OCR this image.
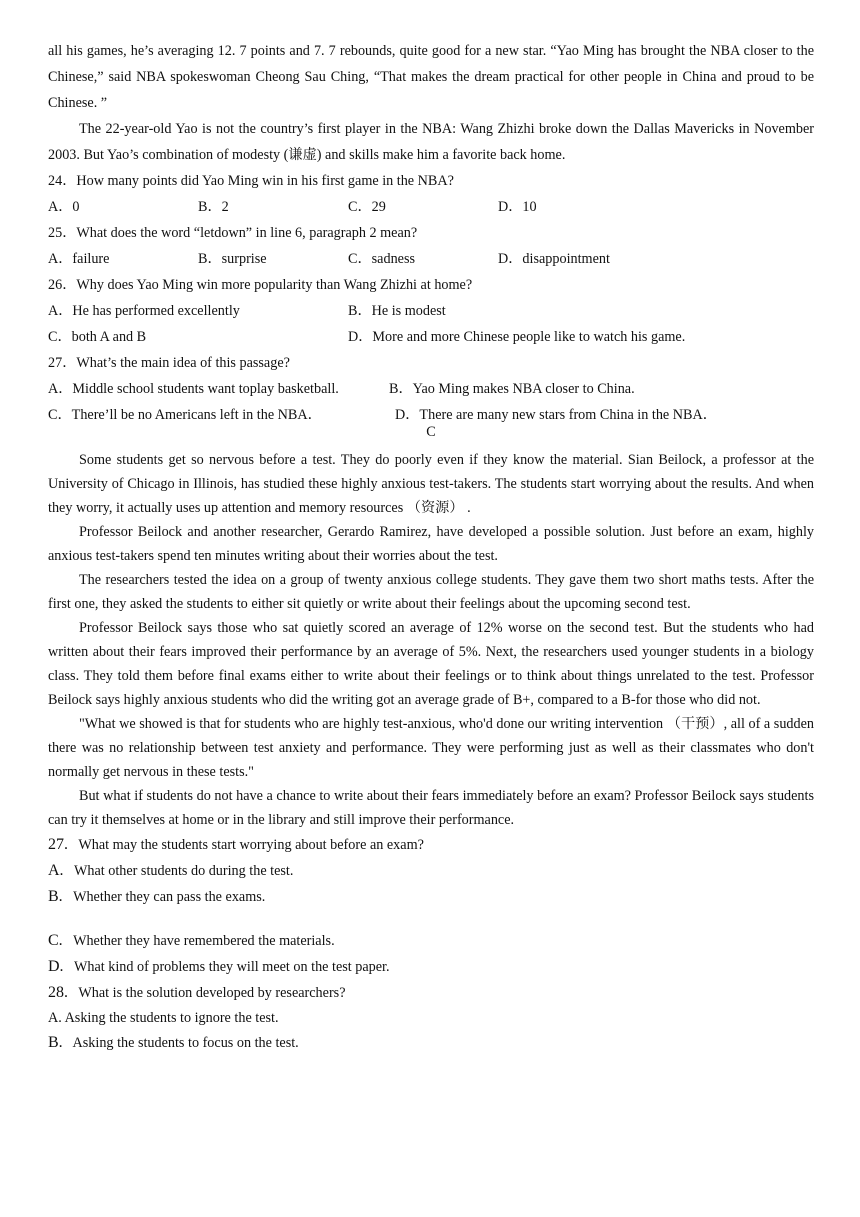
all his games, he’s averaging 12. 7 points and 7. 7 rebounds, quite good for a new star. “Yao Ming has brought the NBA closer to the Chinese,” said NBA spokeswoman Cheong Sau Ching, “That makes the dream practical for other people in China and proud to be Chinese. ”

The 22-year-old Yao is not the country’s first player in the NBA: Wang Zhizhi broke down the Dallas Mavericks in November 2003. But Yao’s combination of modesty (谦虚) and skills make him a favorite back home.

24．How many points did Yao Ming win in his first game in the NBA?

A．0	B．2	C．29	D．10

25．What does the word “letdown” in line 6, paragraph 2 mean?

A．failure	B．surprise	C．sadness	D．disappointment

26．Why does Yao Ming win more popularity than Wang Zhizhi at home?

A．He has performed excellently	B．He is modest
C．both A and B	D．More and more Chinese people like to watch his game.

27．What’s the main idea of this passage?

A．Middle school students want toplay basketball.	B．Yao Ming makes NBA closer to China.
C．There’ll be no Americans left in the NBA．	D．There are many new stars from China in the NBA．
C

Some students get so nervous before a test. They do poorly even if they know the material. Sian Beilock, a professor at the University of Chicago in Illinois, has studied these highly anxious test-takers. The students start worrying about the results. And when they worry, it actually uses up attention and memory resources （资源） .

Professor Beilock and another researcher, Gerardo Ramirez, have developed a possible solution. Just before an exam, highly anxious test-takers spend ten minutes writing about their worries about the test.

The researchers tested the idea on a group of twenty anxious college students. They gave them two short maths tests. After the first one, they asked the students to either sit quietly or write about their feelings about the upcoming second test.

Professor Beilock says those who sat quietly scored an average of 12% worse on the second test. But the students who had written about their fears improved their performance by an average of 5%. Next, the researchers used younger students in a biology class. They told them before final exams either to write about their feelings or to think about things unrelated to the test. Professor Beilock says highly anxious students who did the writing got an average grade of B+, compared to a B-for those who did not.

"What we showed is that for students who are highly test-anxious, who'd done our writing intervention （干预）, all of a sudden there was no relationship between test anxiety and performance. They were performing just as well as their classmates who don't normally get nervous in these tests."

But what if students do not have a chance to write about their fears immediately before an exam? Professor Beilock says students can try it themselves at home or in the library and still improve their performance.

27. What may the students start worrying about before an exam?

A. What other students do during the test.

B. Whether they can pass the exams.

C. Whether they have remembered the materials.

D. What kind of problems they will meet on the test paper.

28. What is the solution developed by researchers?

A. Asking the students to ignore the test.

B. Asking the students to focus on the test.
